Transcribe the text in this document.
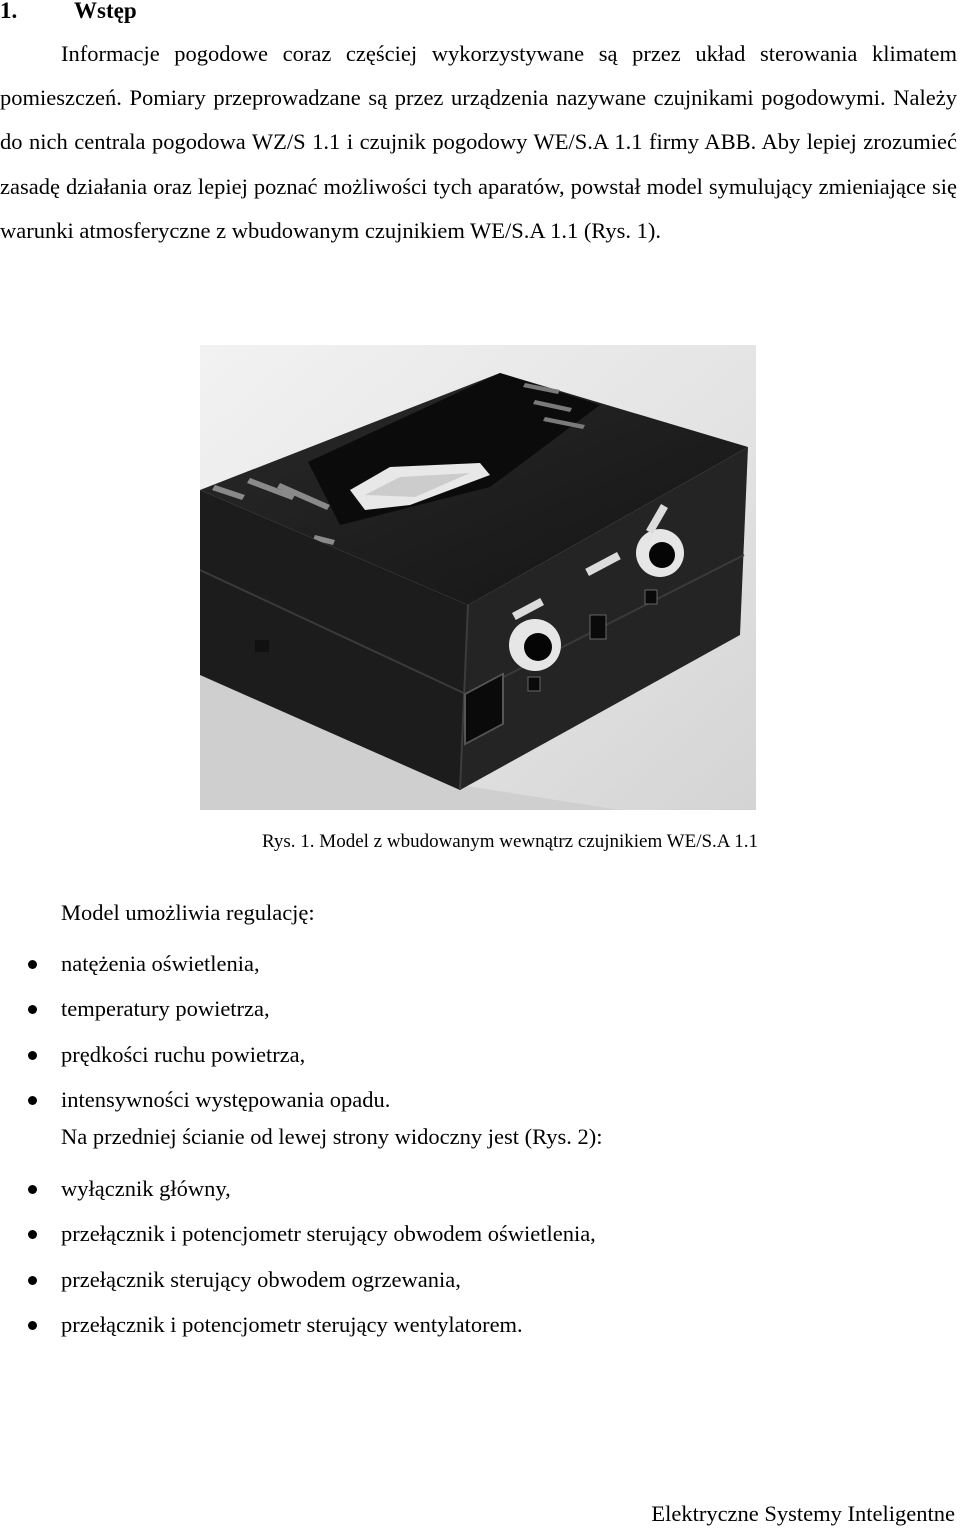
1. Wstęp

Informacje pogodowe coraz częściej wykorzystywane są przez układ sterowania klimatem pomieszczeń. Pomiary przeprowadzane są przez urządzenia nazywane czujnikami pogodowymi. Należy do nich centrala pogodowa WZ/S 1.1 i czujnik pogodowy WE/S.A 1.1 firmy ABB. Aby lepiej zrozumieć zasadę działania oraz lepiej poznać możliwości tych aparatów, powstał model symulujący zmieniające się warunki atmosferyczne z wbudowanym czujnikiem WE/S.A 1.1 (Rys. 1).

Rys. 1. Model z wbudowanym wewnątrz czujnikiem WE/S.A 1.1
Model umożliwia regulację:
natężenia oświetlenia,
temperatury powietrza,
prędkości ruchu powietrza,
intensywności występowania opadu.
Na przedniej ścianie od lewej strony widoczny jest (Rys. 2):
wyłącznik główny,
przełącznik i potencjometr sterujący obwodem oświetlenia,
przełącznik sterujący obwodem ogrzewania,
przełącznik i potencjometr sterujący wentylatorem.
Elektryczne Systemy Inteligentne
